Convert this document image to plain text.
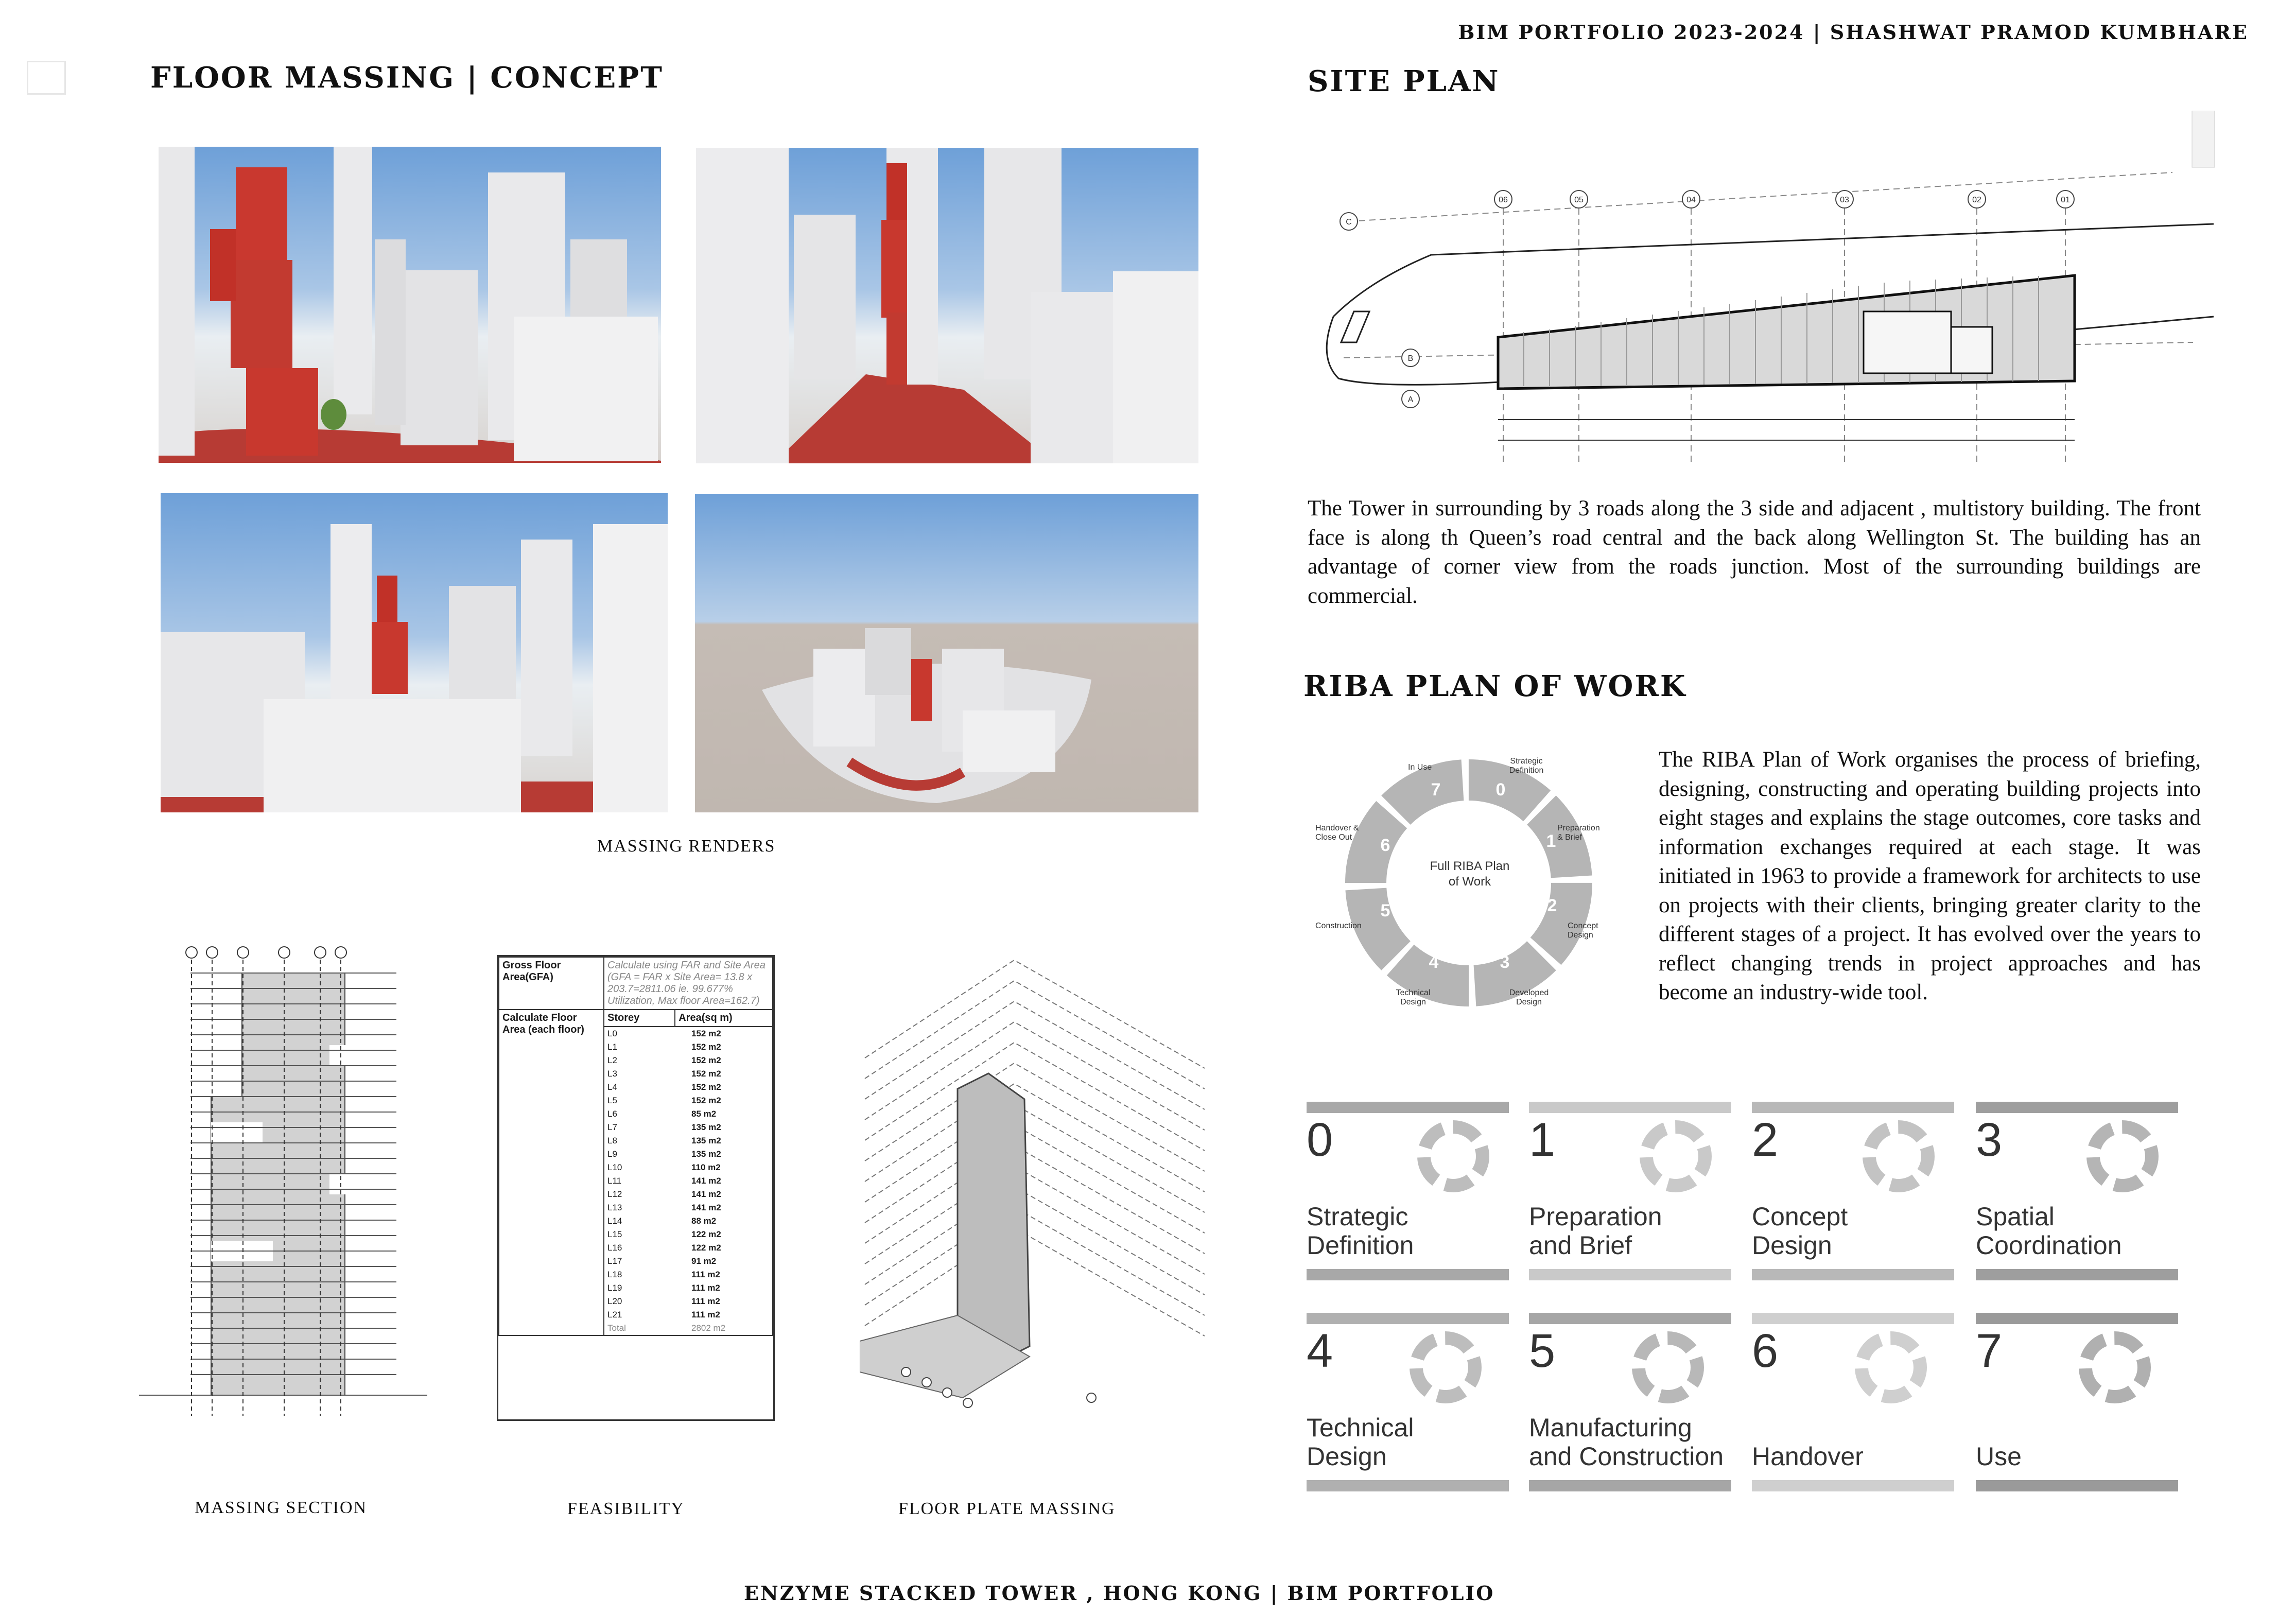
BIM PORTFOLIO 2023-2024 | SHASHWAT PRAMOD KUMBHARE
FLOOR MASSING | CONCEPT
MASSING RENDERS
MASSING SECTION
Gross Floor Area(GFA)	Calculate using FAR and Site Area (GFA = FAR x Site Area= 13.8 x 203.7=2811.06 ie. 99.677% Utilization, Max floor Area=162.7)
Calculate Floor Area (each floor)	Storey	Area(sq m)

L0	152 m2
L1	152 m2
L2	152 m2
L3	152 m2
L4	152 m2
L5	152 m2
L6	85 m2
L7	135 m2
L8	135 m2
L9	135 m2
L10	110 m2
L11	141 m2
L12	141 m2
L13	141 m2
L14	88 m2
L15	122 m2
L16	122 m2
L17	91 m2
L18	111 m2
L19	111 m2
L20	111 m2
L21	111 m2
Total	2802 m2
FEASIBILITY	FLOOR PLATE MASSING
SITE PLAN
06	05	04	03	02	01
C
B
A
The Tower in surrounding by 3 roads along the 3 side and adjacent , multistory building. The front face is along th Queen’s road central and the back along Wellington St. The building has an advantage of corner view from the roads junction. Most of the surrounding buildings are commercial.
RIBA PLAN OF WORK
0
1
2
3
4
5
6
7
Full RIBA Plan of Work
Strategic Definition
Preparation & Brief
Concept Design
Developed Design
Technical Design
Construction
Handover & Close Out
In Use	The RIBA Plan of Work organises the process of briefing, designing, constructing and operating building projects into eight stages and explains the stage outcomes, core tasks and information exchanges required at each stage. It was initiated in 1963 to provide a framework for architects to use on projects with their clients, bringing greater clarity to the different stages of a project. It has evolved over the years to reflect changing trends in project approaches and has become an industry-wide tool.
0
Strategic Definition
1
Preparation and Brief
2
Concept Design
3
Spatial Coordination
4
Technical Design
5
Manufacturing and Construction
6
Handover
7
Use
ENZYME STACKED TOWER , HONG KONG | BIM PORTFOLIO
